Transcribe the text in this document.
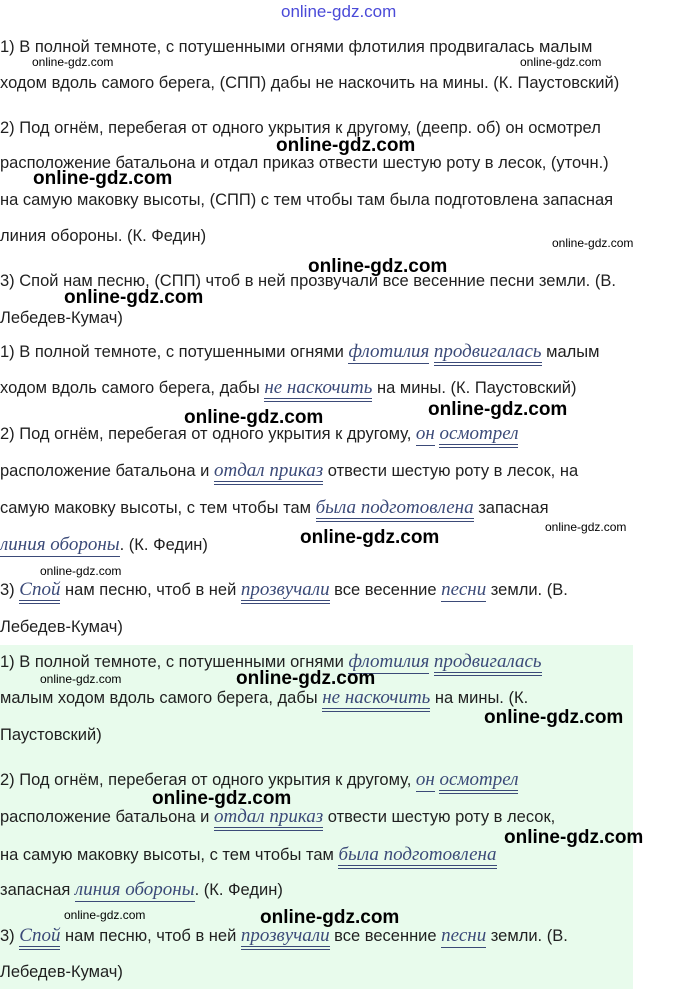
online-gdz.com
1) В полной темноте, с потушенными огнями флотилия продвигалась малым
ходом вдоль самого берега, (СПП) дабы не наскочить на мины. (К. Паустовский)
2) Под огнём, перебегая от одного укрытия к другому, (деепр. об) он осмотрел
расположение батальона и отдал приказ отвести шестую роту в лесок, (уточн.)
на самую маковку высоты, (СПП) с тем чтобы там была подготовлена запасная
линия обороны. (К. Федин)
3) Спой нам песню, (СПП) чтоб в ней прозвучали все весенние песни земли. (В.
Лебедев-Кумач)
1) В полной темноте, с потушенными огнями флотилия продвигалась малым
ходом вдоль самого берега, дабы не наскочить на мины. (К. Паустовский)
2) Под огнём, перебегая от одного укрытия к другому, он осмотрел
расположение батальона и отдал приказ отвести шестую роту в лесок, на
самую маковку высоты, с тем чтобы там была подготовлена запасная
линия обороны. (К. Федин)
3) Спой нам песню, чтоб в ней прозвучали все весенние песни земли. (В.
Лебедев-Кумач)
1) В полной темноте, с потушенными огнями флотилия продвигалась
малым ходом вдоль самого берега, дабы не наскочить на мины. (К.
Паустовский)
2) Под огнём, перебегая от одного укрытия к другому, он осмотрел
расположение батальона и отдал приказ отвести шестую роту в лесок,
на самую маковку высоты, с тем чтобы там была подготовлена
запасная линия обороны. (К. Федин)
3) Спой нам песню, чтоб в ней прозвучали все весенние песни земли. (В.
Лебедев-Кумач)
online-gdz.com	online-gdz.com
online-gdz.com
online-gdz.com
online-gdz.com
online-gdz.com
online-gdz.com
online-gdz.com	online-gdz.com
online-gdz.com
online-gdz.com
online-gdz.com
online-gdz.com	online-gdz.com
online-gdz.com
online-gdz.com
online-gdz.com
online-gdz.com	online-gdz.com
